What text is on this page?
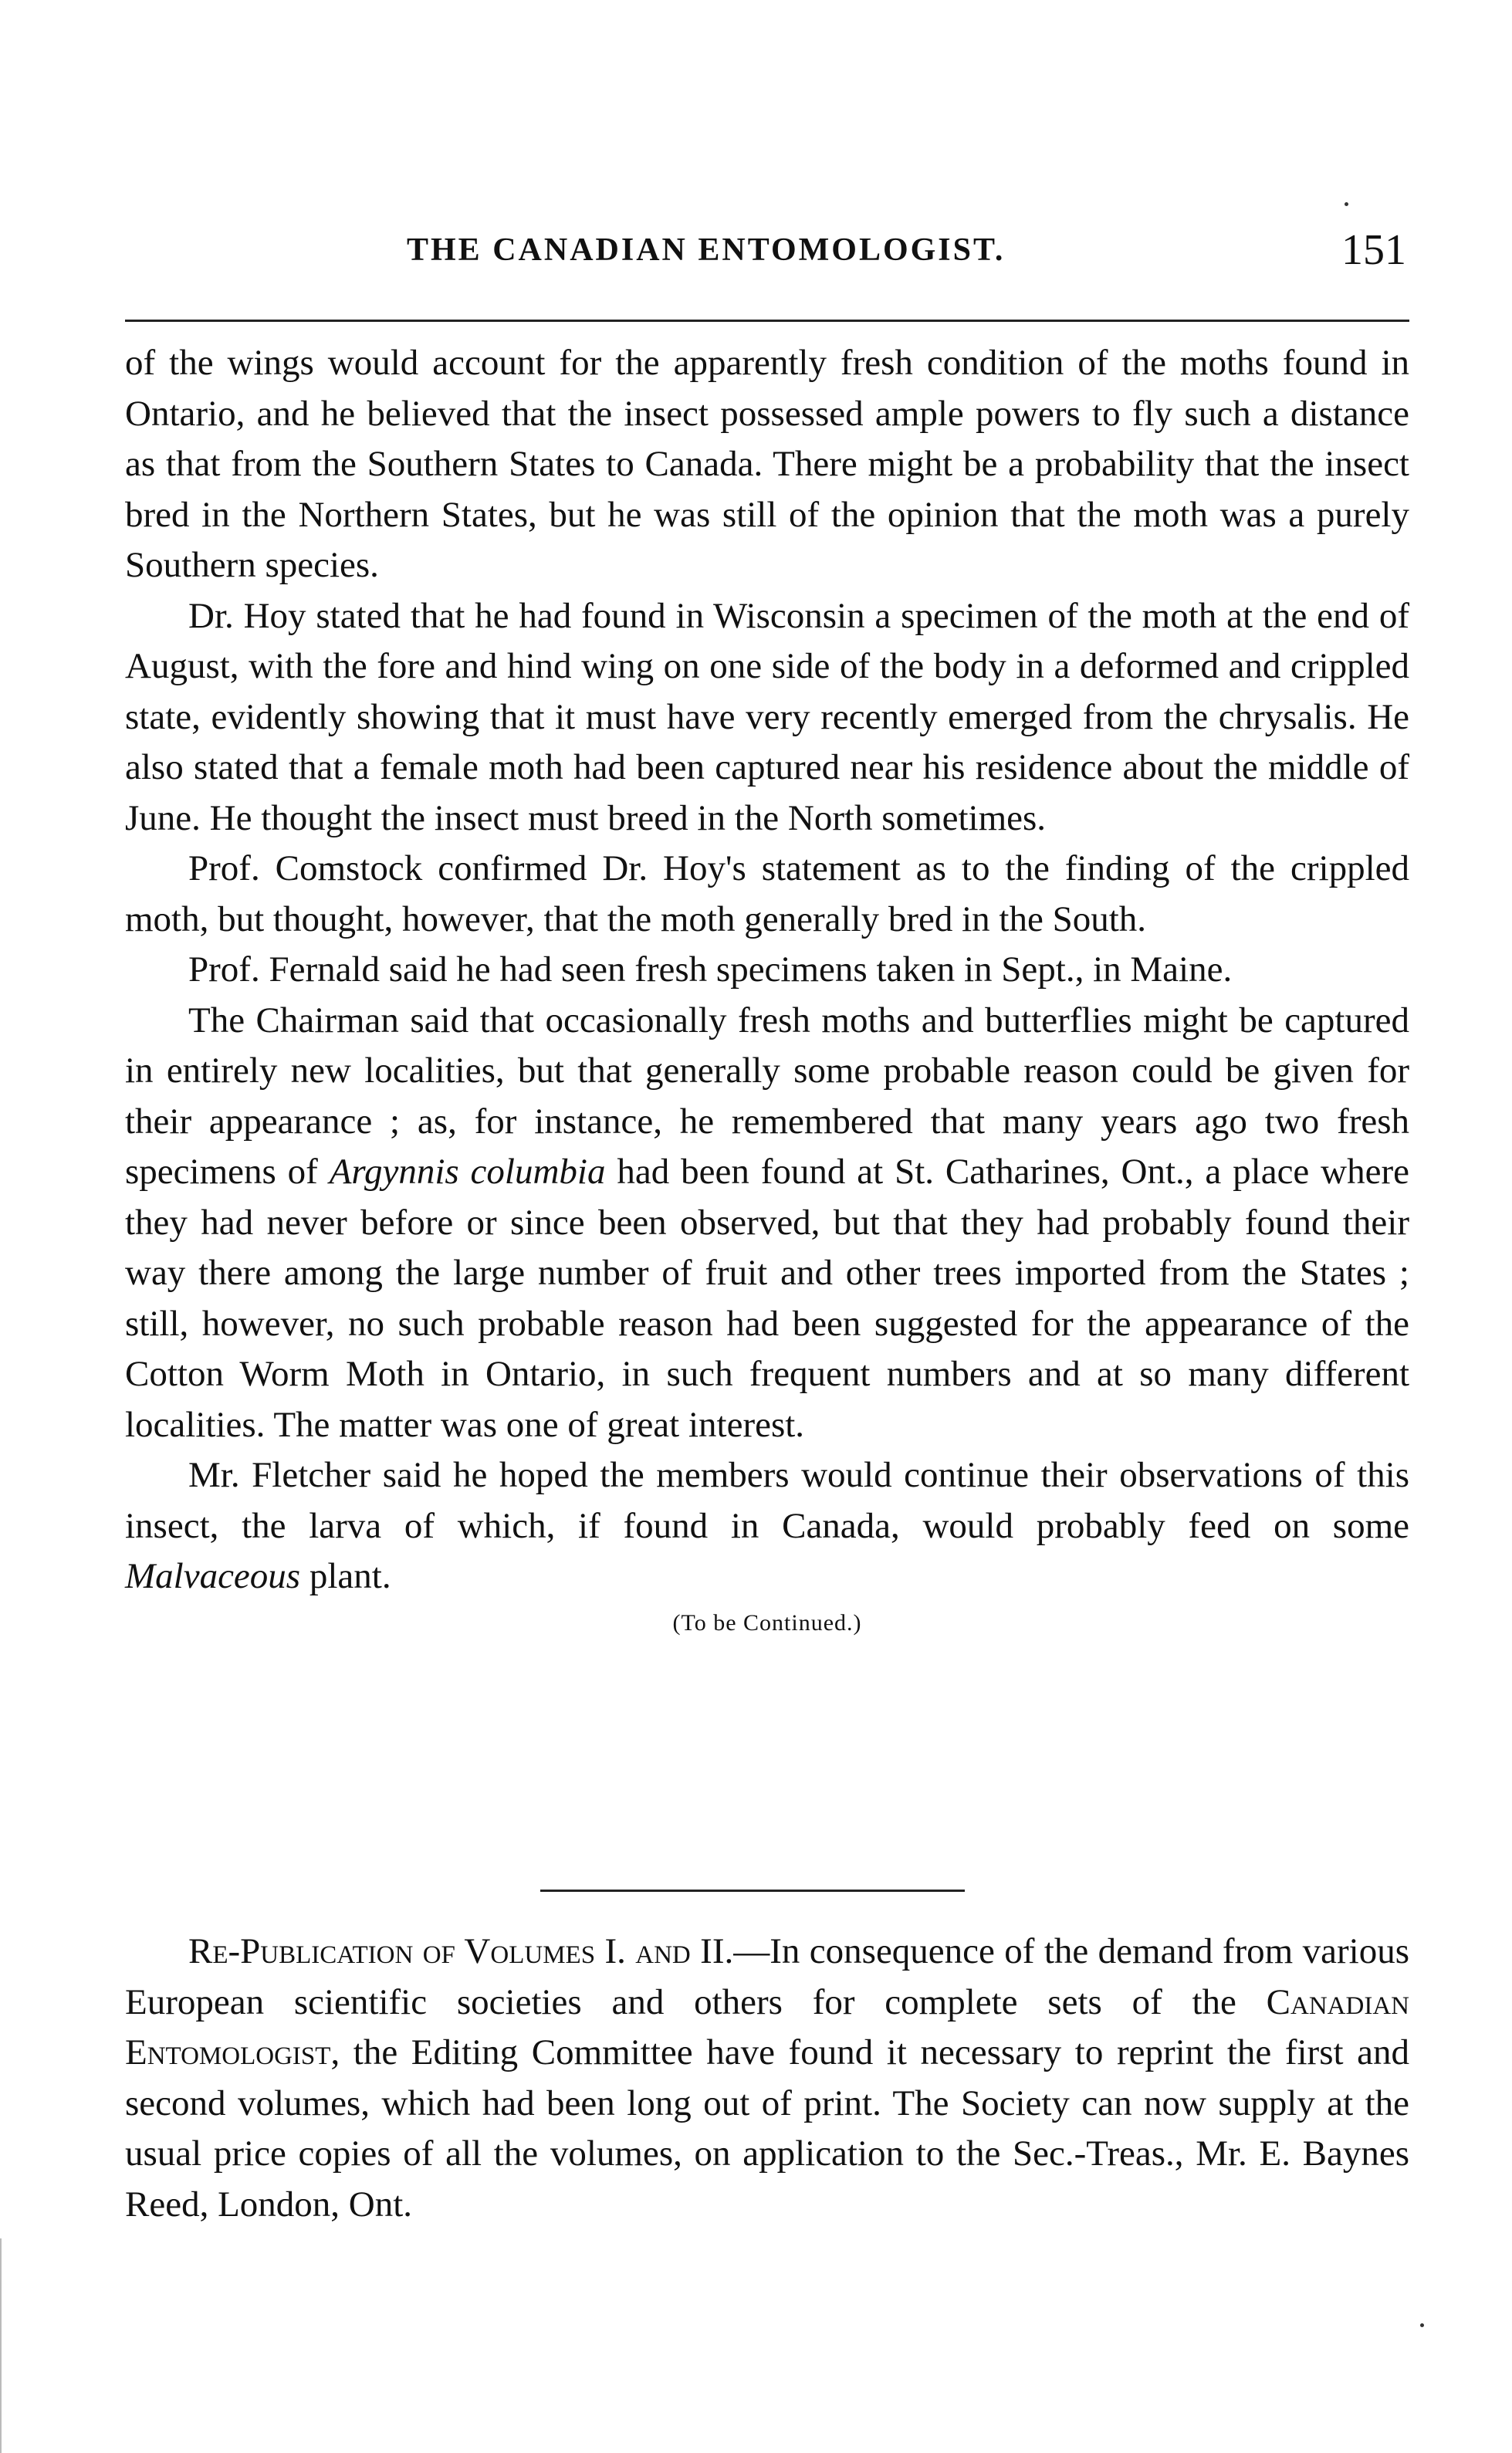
THE CANADIAN ENTOMOLOGIST.	151

of the wings would account for the apparently fresh condition of the moths found in Ontario, and he believed that the insect possessed ample powers to fly such a distance as that from the Southern States to Canada. There might be a probability that the insect bred in the Northern States, but he was still of the opinion that the moth was a purely Southern species.

Dr. Hoy stated that he had found in Wisconsin a specimen of the moth at the end of August, with the fore and hind wing on one side of the body in a deformed and crippled state, evidently showing that it must have very recently emerged from the chrysalis. He also stated that a female moth had been captured near his residence about the middle of June. He thought the insect must breed in the North sometimes.

Prof. Comstock confirmed Dr. Hoy's statement as to the finding of the crippled moth, but thought, however, that the moth generally bred in the South.

Prof. Fernald said he had seen fresh specimens taken in Sept., in Maine.

The Chairman said that occasionally fresh moths and butterflies might be captured in entirely new localities, but that generally some probable reason could be given for their appearance ; as, for instance, he remembered that many years ago two fresh specimens of Argynnis columbia had been found at St. Catharines, Ont., a place where they had never before or since been observed, but that they had probably found their way there among the large number of fruit and other trees imported from the States ; still, however, no such probable reason had been suggested for the appearance of the Cotton Worm Moth in Ontario, in such frequent numbers and at so many different localities. The matter was one of great interest.

Mr. Fletcher said he hoped the members would continue their observations of this insect, the larva of which, if found in Canada, would probably feed on some Malvaceous plant.

(To be Continued.)

Re-Publication of Volumes I. and II.—In consequence of the demand from various European scientific societies and others for complete sets of the Canadian Entomologist, the Editing Committee have found it necessary to reprint the first and second volumes, which had been long out of print. The Society can now supply at the usual price copies of all the volumes, on application to the Sec.-Treas., Mr. E. Baynes Reed, London, Ont.
